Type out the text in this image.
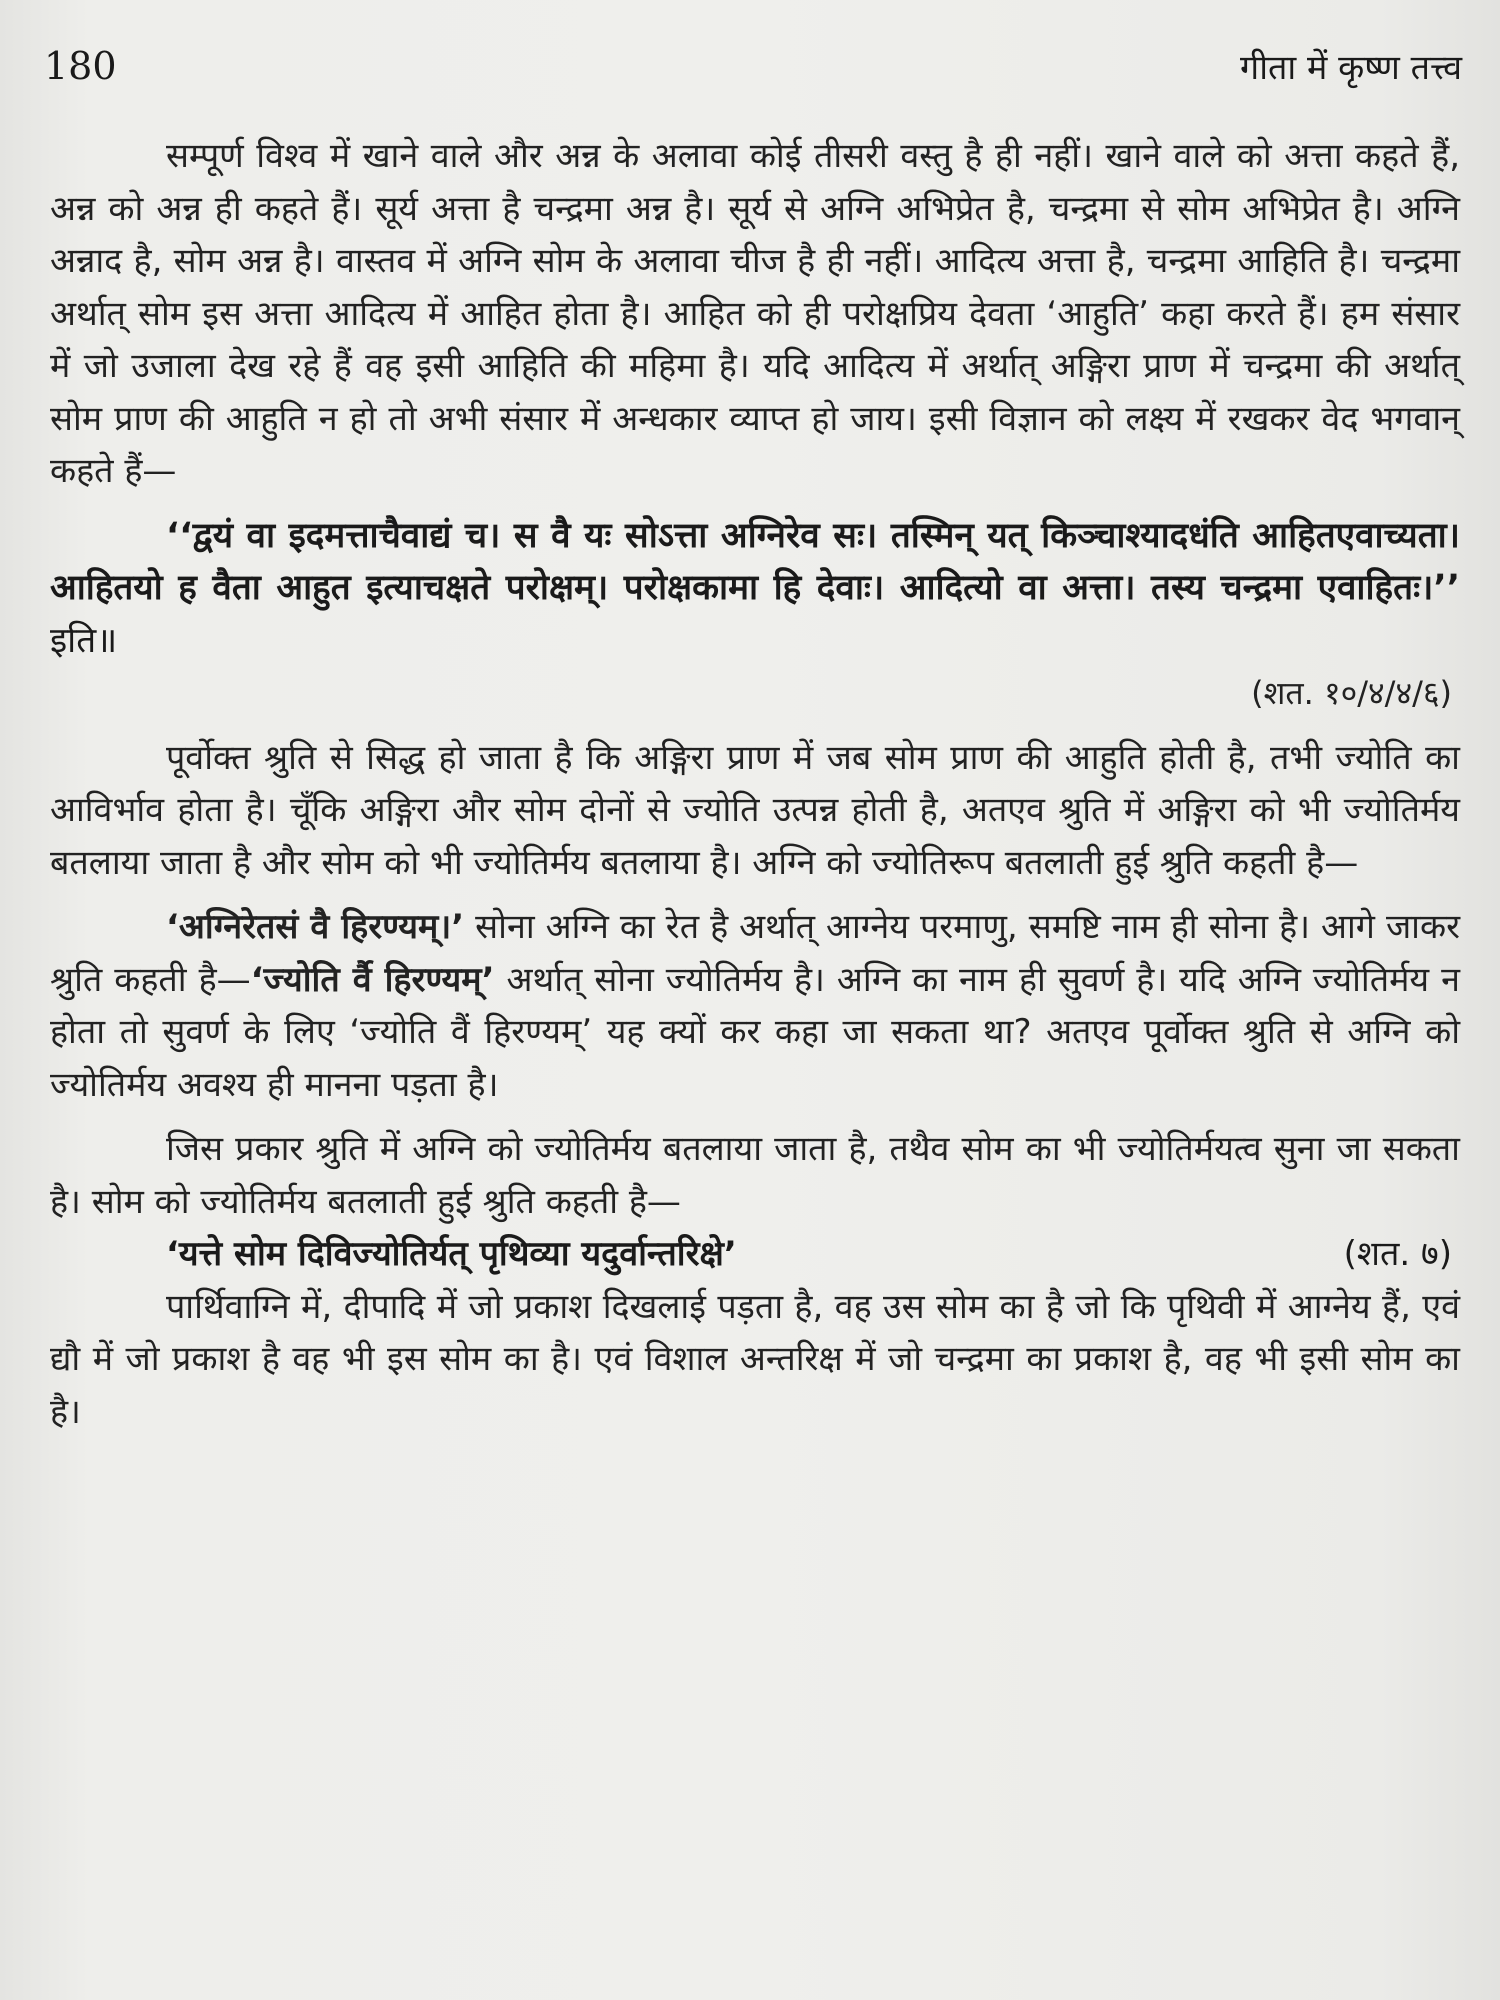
180	गीता में कृष्ण तत्त्व

सम्पूर्ण विश्व में खाने वाले और अन्न के अलावा कोई तीसरी वस्तु है ही नहीं। खाने वाले को अत्ता कहते हैं, अन्न को अन्न ही कहते हैं। सूर्य अत्ता है चन्द्रमा अन्न है। सूर्य से अग्नि अभिप्रेत है, चन्द्रमा से सोम अभिप्रेत है। अग्नि अन्नाद है, सोम अन्न है। वास्तव में अग्नि सोम के अलावा चीज है ही नहीं। आदित्य अत्ता है, चन्द्रमा आहिति है। चन्द्रमा अर्थात् सोम इस अत्ता आदित्य में आहित होता है। आहित को ही परोक्षप्रिय देवता ‘आहुति’ कहा करते हैं। हम संसार में जो उजाला देख रहे हैं वह इसी आहिति की महिमा है। यदि आदित्य में अर्थात् अङ्गिरा प्राण में चन्द्रमा की अर्थात् सोम प्राण की आहुति न हो तो अभी संसार में अन्धकार व्याप्त हो जाय। इसी विज्ञान को लक्ष्य में रखकर वेद भगवान् कहते हैं—

‘‘द्वयं वा इदमत्ताचैवाद्यं च। स वै यः सोऽत्ता अग्निरेव सः। तस्मिन् यत् किञ्चाश्यादधंति आहितएवाच्यता। आहितयो ह वैता आहुत इत्याचक्षते परोक्षम्। परोक्षकामा हि देवाः। आदित्यो वा अत्ता। तस्य चन्द्रमा एवाहितः।’’ इति॥

(शत. १०/४/४/६)

पूर्वोक्त श्रुति से सिद्ध हो जाता है कि अङ्गिरा प्राण में जब सोम प्राण की आहुति होती है, तभी ज्योति का आविर्भाव होता है। चूँकि अङ्गिरा और सोम दोनों से ज्योति उत्पन्न होती है, अतएव श्रुति में अङ्गिरा को भी ज्योतिर्मय बतलाया जाता है और सोम को भी ज्योतिर्मय बतलाया है। अग्नि को ज्योतिरूप बतलाती हुई श्रुति कहती है—

‘अग्निरेतसं वै हिरण्यम्।’ सोना अग्नि का रेत है अर्थात् आग्नेय परमाणु, समष्टि नाम ही सोना है। आगे जाकर श्रुति कहती है—‘ज्योति र्वै हिरण्यम्’ अर्थात् सोना ज्योतिर्मय है। अग्नि का नाम ही सुवर्ण है। यदि अग्नि ज्योतिर्मय न होता तो सुवर्ण के लिए ‘ज्योति वैं हिरण्यम्’ यह क्यों कर कहा जा सकता था? अतएव पूर्वोक्त श्रुति से अग्नि को ज्योतिर्मय अवश्य ही मानना पड़ता है।

जिस प्रकार श्रुति में अग्नि को ज्योतिर्मय बतलाया जाता है, तथैव सोम का भी ज्योतिर्मयत्व सुना जा सकता है। सोम को ज्योतिर्मय बतलाती हुई श्रुति कहती है—

‘यत्ते सोम दिविज्योतिर्यत् पृथिव्या यदुर्वान्तरिक्षे’	(शत. ७)

पार्थिवाग्नि में, दीपादि में जो प्रकाश दिखलाई पड़ता है, वह उस सोम का है जो कि पृथिवी में आग्नेय हैं, एवं द्यौ में जो प्रकाश है वह भी इस सोम का है। एवं विशाल अन्तरिक्ष में जो चन्द्रमा का प्रकाश है, वह भी इसी सोम का है।
